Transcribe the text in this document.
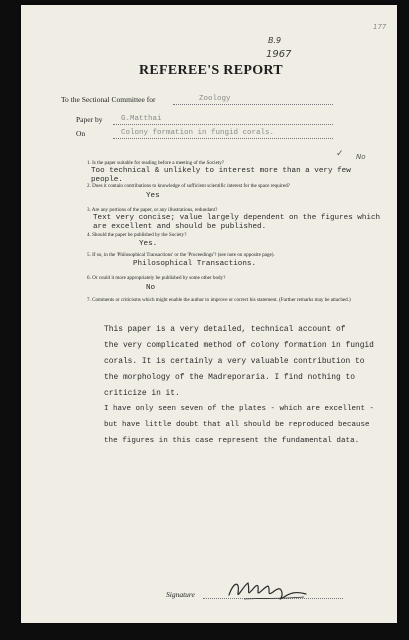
B.9
1967
177
REFEREE'S REPORT
To the Sectional Committee for	Zoology
Paper by G.Matthai
On	Colony formation in fungid corals.
✓ No
1. Is the paper suitable for reading before a meeting of the Society?
Too technical & unlikely to interest more than a very few people.
2. Does it contain contributions to knowledge of sufficient scientific interest for the space required?
Yes
3. Are any portions of the paper, or any illustrations, redundant?
Text very concise; value largely dependent on the figures which are excellent and should be published.
4. Should the paper be published by the Society?
Yes.
5. If so, in the 'Philosophical Transactions' or the 'Proceedings'? (see note on opposite page).
Philosophical Transactions.
6. Or could it more appropriately be published by some other body?
No
7. Comments or criticisms which might enable the author to improve or correct his statement. (Further remarks may be attached.)
This paper is a very detailed, technical account of
the very complicated method of colony formation in fungid
corals. It is certainly a very valuable contribution to
the morphology of the Madreporaria. I find nothing to
criticize in it.
I have only seen seven of the plates - which are excellent -
but have little doubt that all should be reproduced because
the figures in this case represent the fundamental data.
Signature
